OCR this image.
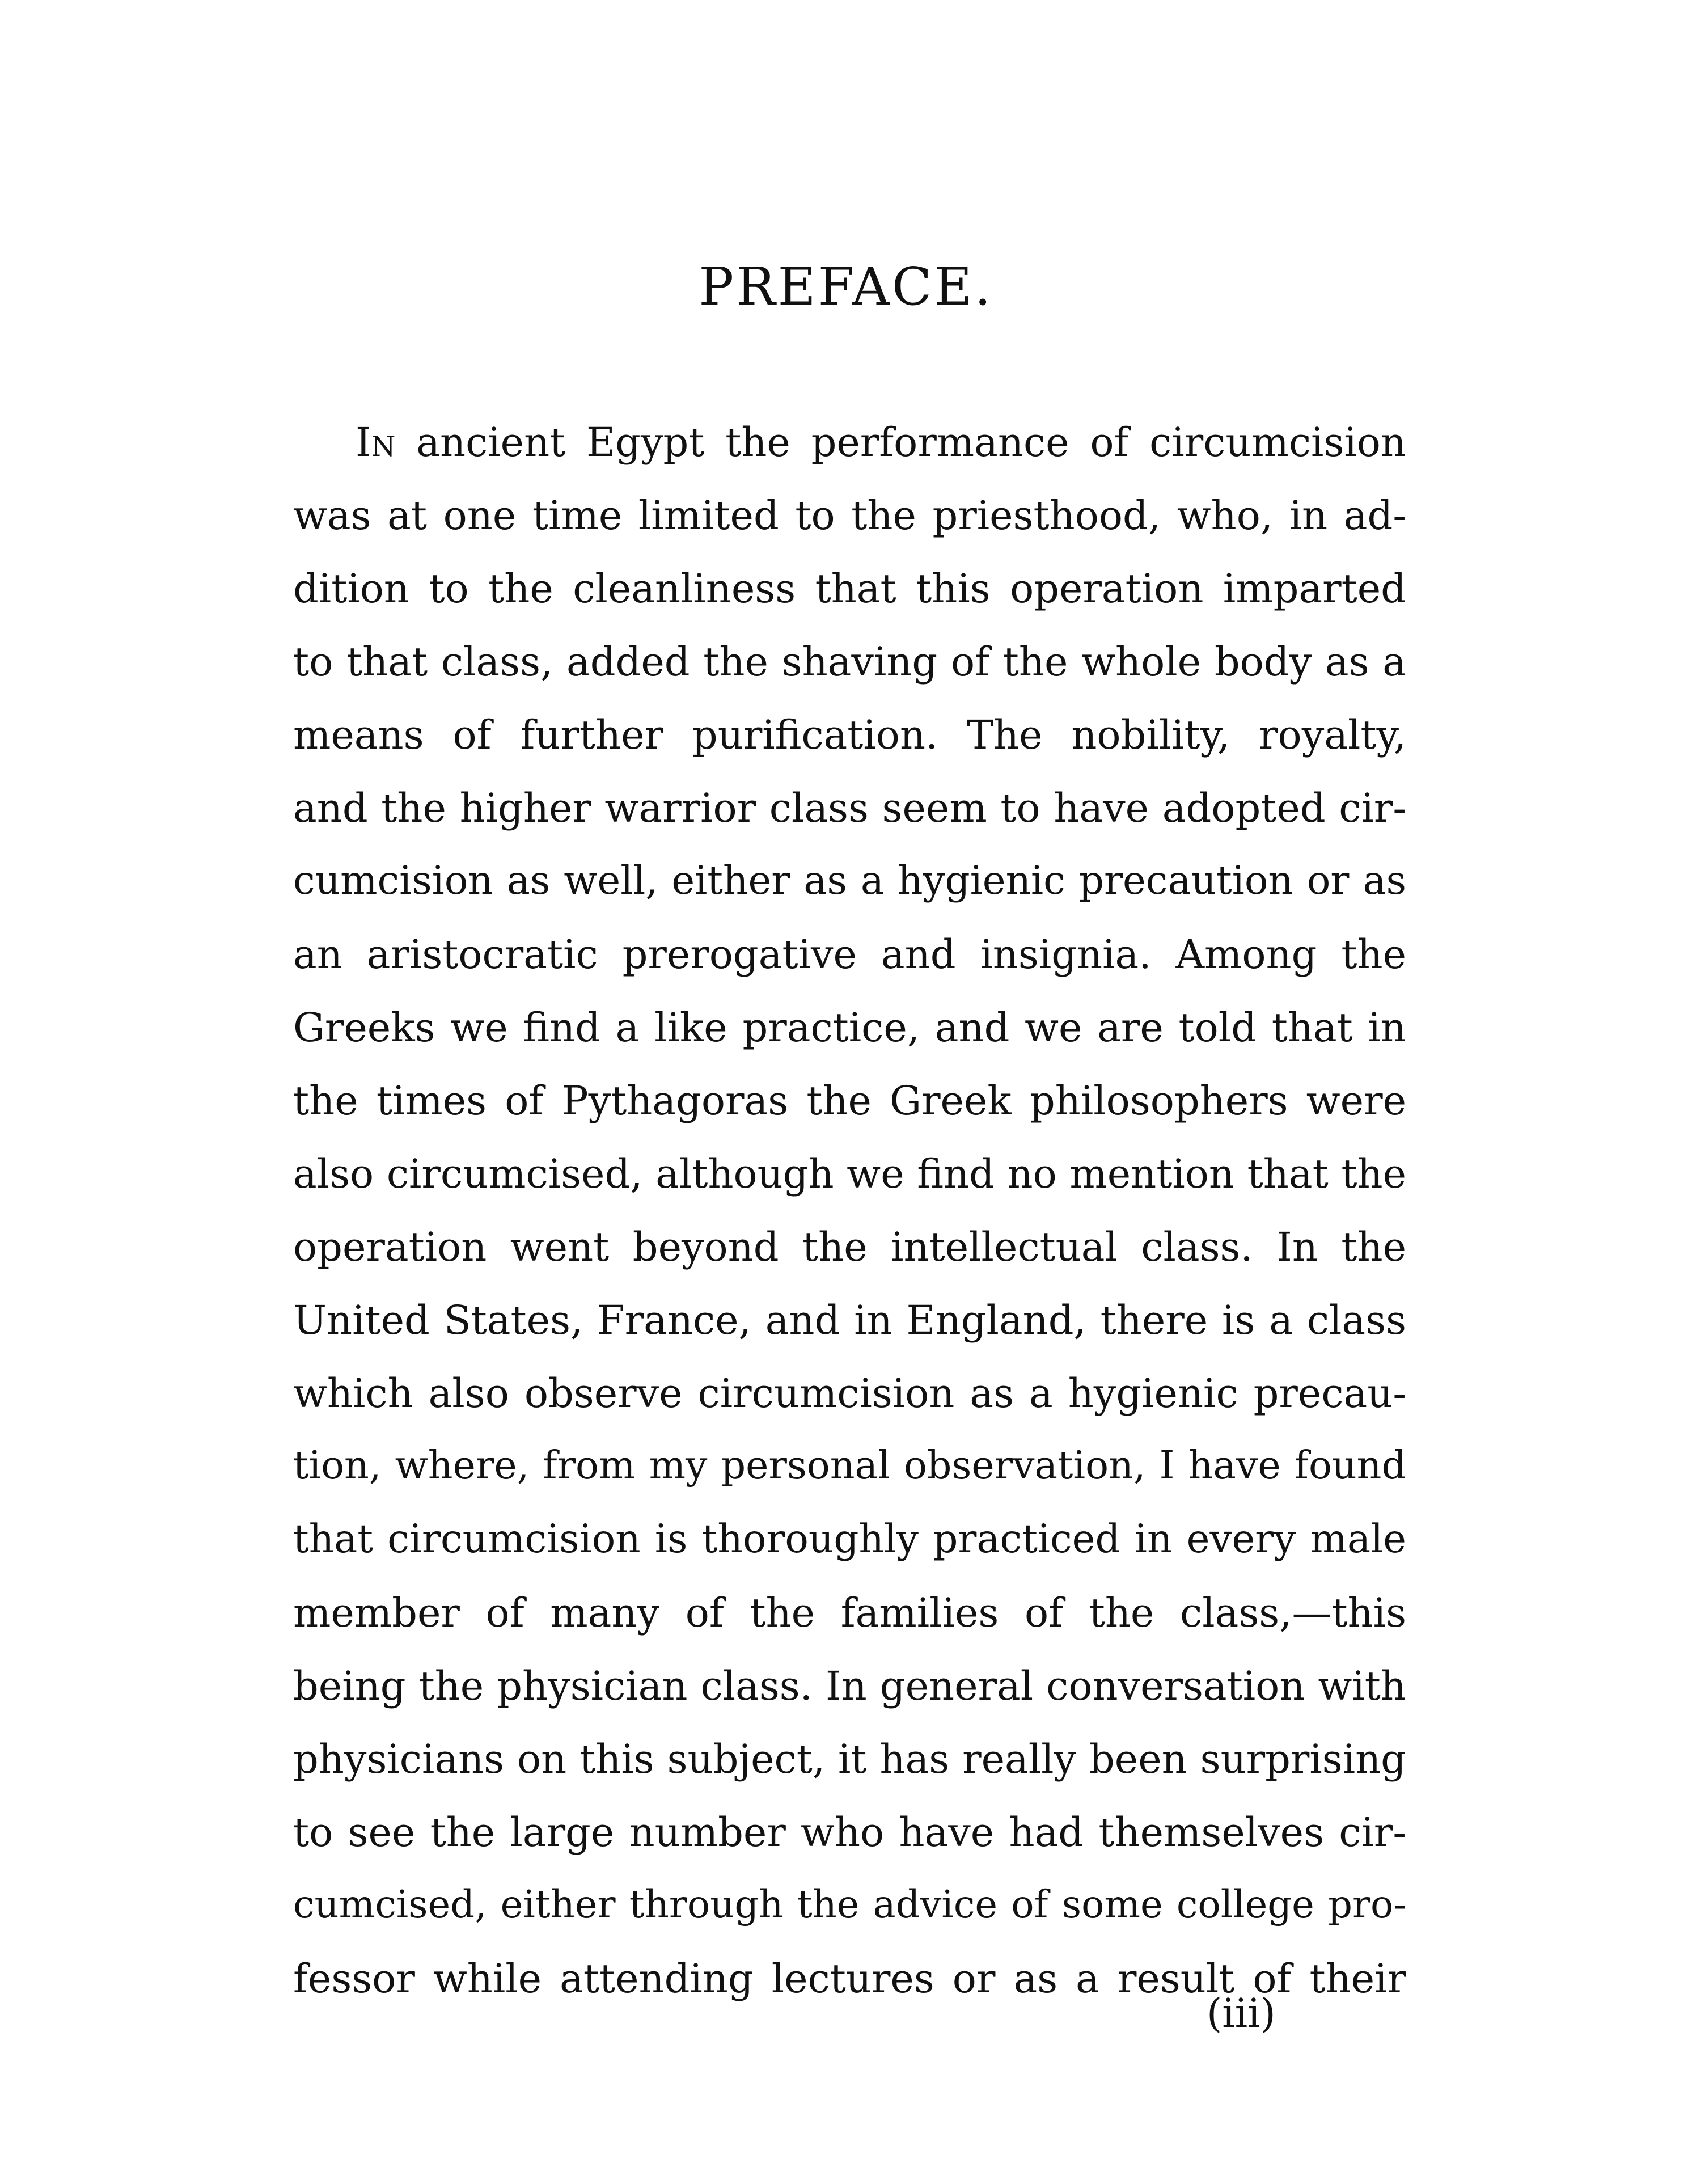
PREFACE.
In ancient Egypt the performance of circumcision
was at one time limited to the priesthood, who, in ad-
dition to the cleanliness that this operation imparted
to that class, added the shaving of the whole body as a
means of further purification. The nobility, royalty,
and the higher warrior class seem to have adopted cir-
cumcision as well, either as a hygienic precaution or as
an aristocratic prerogative and insignia. Among the
Greeks we find a like practice, and we are told that in
the times of Pythagoras the Greek philosophers were
also circumcised, although we find no mention that the
operation went beyond the intellectual class. In the
United States, France, and in England, there is a class
which also observe circumcision as a hygienic precau-
tion, where, from my personal observation, I have found
that circumcision is thoroughly practiced in every male
member of many of the families of the class,—this
being the physician class. In general conversation with
physicians on this subject, it has really been surprising
to see the large number who have had themselves cir-
cumcised, either through the advice of some college pro-
fessor while attending lectures or as a result of their
(iii)
